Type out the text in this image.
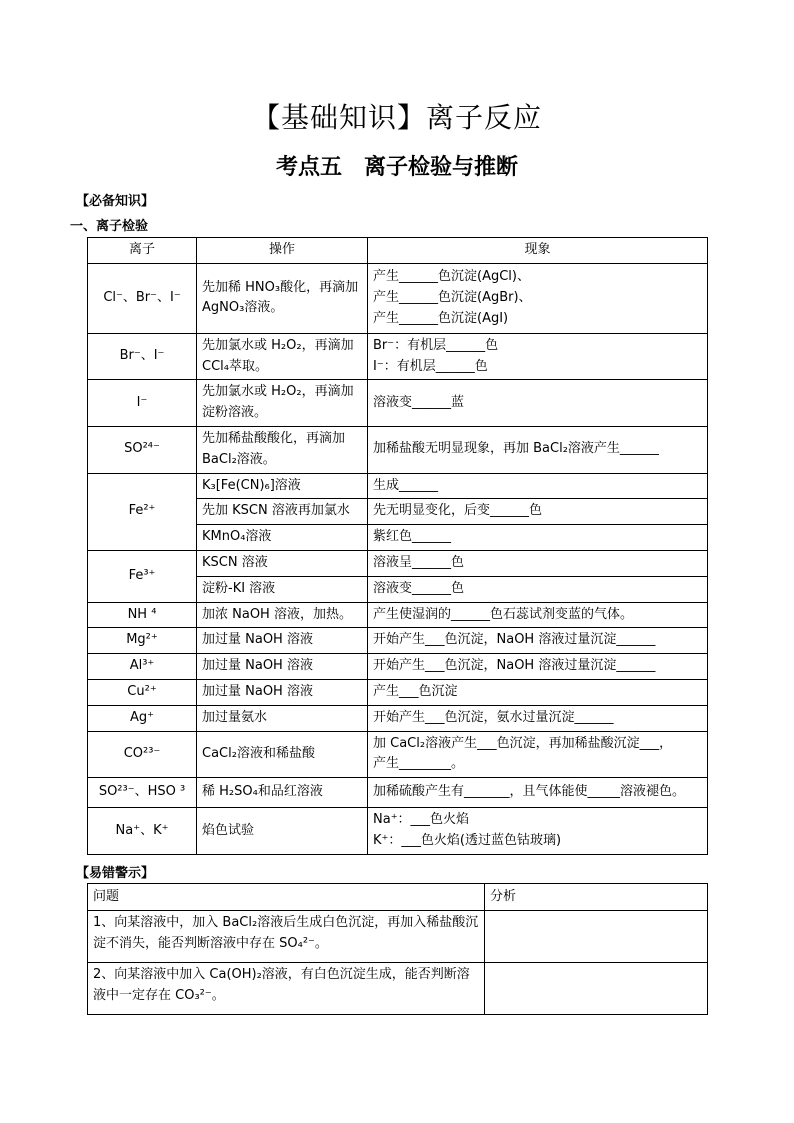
【基础知识】离子反应
考点五　离子检验与推断
【必备知识】
一、离子检验
离子	操作	现象
Cl⁻、Br⁻、I⁻	先加稀 HNO₃酸化，再滴加 AgNO₃溶液。	产生______色沉淀(AgCl)、
产生______色沉淀(AgBr)、
产生______色沉淀(AgI)

Br⁻、I⁻	先加氯水或 H₂O₂，再滴加 CCl₄萃取。	Br⁻：有机层______色
I⁻：有机层______色

I⁻	先加氯水或 H₂O₂，再滴加淀粉溶液。	溶液变______蓝
SO²⁴⁻	先加稀盐酸酸化，再滴加 BaCl₂溶液。	加稀盐酸无明显现象，再加 BaCl₂溶液产生______
Fe²⁺	K₃[Fe(CN)₆]溶液	生成______
	先加 KSCN 溶液再加氯水	先无明显变化，后变______色
	KMnO₄溶液	紫红色______
Fe³⁺	KSCN 溶液	溶液呈______色
	淀粉-KI 溶液	溶液变______色
NH ⁴	加浓 NaOH 溶液，加热。	产生使湿润的______色石蕊试剂变蓝的气体。
Mg²⁺	加过量 NaOH 溶液	开始产生___色沉淀，NaOH 溶液过量沉淀______
Al³⁺	加过量 NaOH 溶液	开始产生___色沉淀，NaOH 溶液过量沉淀______
Cu²⁺	加过量 NaOH 溶液	产生___色沉淀
Ag⁺	加过量氨水	开始产生___色沉淀，氨水过量沉淀______
CO²³⁻	CaCl₂溶液和稀盐酸	加 CaCl₂溶液产生___色沉淀，再加稀盐酸沉淀___，
产生________。

SO²³⁻、HSO ³	稀 H₂SO₄和品红溶液	加稀硫酸产生有_______，且气体能使_____溶液褪色。
Na⁺、K⁺	焰色试验	Na⁺：___色火焰
K⁺：___色火焰(透过蓝色钴玻璃)
【易错警示】
问题	分析
1、向某溶液中，加入 BaCl₂溶液后生成白色沉淀，再加入稀盐酸沉淀不消失，能否判断溶液中存在 SO₄²⁻。	
2、向某溶液中加入 Ca(OH)₂溶液，有白色沉淀生成，能否判断溶液中一定存在 CO₃²⁻。	
